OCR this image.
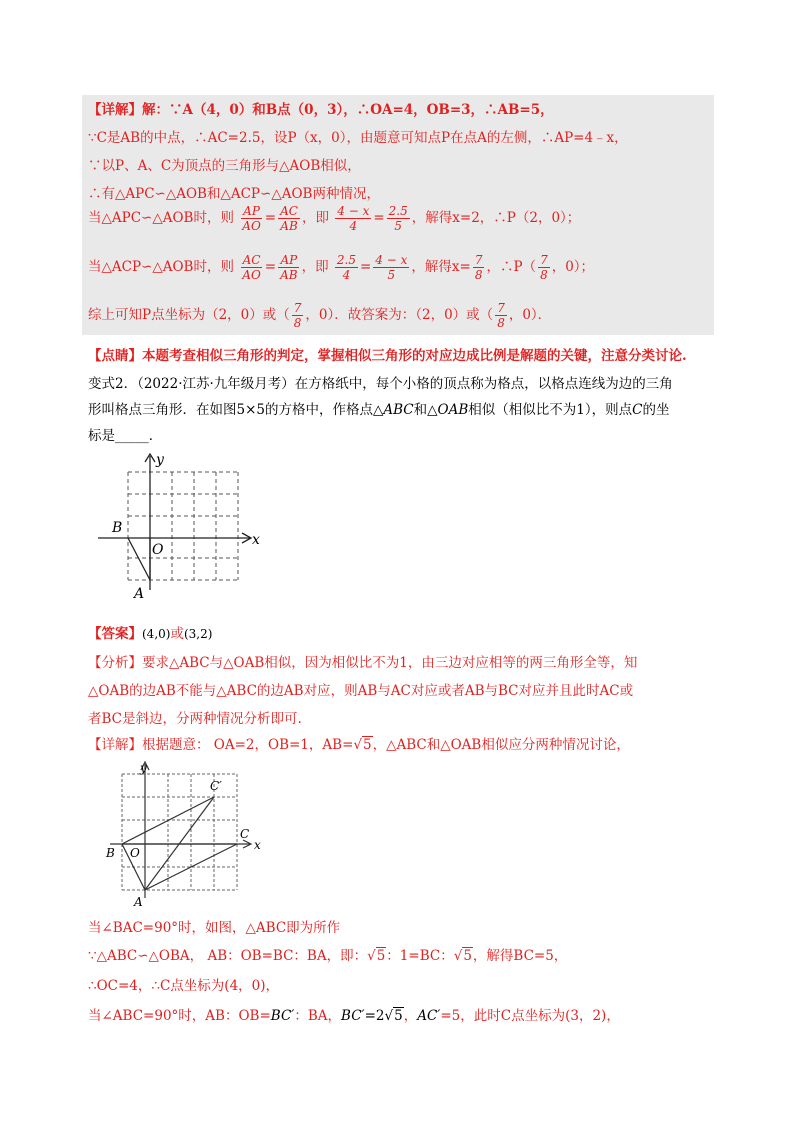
【详解】解：∵A（4，0）和B点（0，3），∴OA=4，OB=3，∴AB=5，
∵C是AB的中点，∴AC=2.5，设P（x，0），由题意可知点P在点A的左侧，∴AP=4﹣x，
∵以P、A、C为顶点的三角形与△AOB相似，
∴有△APC∽△AOB和△ACP∽△AOB两种情况，
当△APC∽△AOB时，则 $\frac{AP}{AO} = \frac{AC}{AB}$ ，即 $\frac{4 - x}{4} = \frac{2.5}{5}$ ，解得x=2，∴P（2，0）；
当△ACP∽△AOB时，则 $\frac{AC}{AO} = \frac{AP}{AB}$ ，即 $\frac{2.5}{4} = \frac{4 - x}{5}$ ，解得$x= \frac{7}{8}$ ，∴P（ $\frac{7}{8}$ ，0）；
综上可知P点坐标为（2，0）或（ $\frac{7}{8}$ ，0）．故答案为：（2，0）或（ $\frac{7}{8}$ ，0）．
【点睛】本题考查相似三角形的判定，掌握相似三角形的对应边成比例是解题的关键，注意分类讨论.
变式2．（2022·江苏·九年级月考）在方格纸中，每个小格的顶点称为格点，以格点连线为边的三角
形叫格点三角形．在如图5×5的方格中，作格点△ABC和△OAB相似（相似比不为1），则点C的坐
标是_____．
y
x
B
O
A
【答案】(4,0)或(3,2)
【分析】要求△ABC与△OAB相似，因为相似比不为1，由三边对应相等的两三角形全等，知
△OAB的边AB不能与△ABC的边AB对应，则AB与AC对应或者AB与BC对应并且此时AC或
者BC是斜边，分两种情况分析即可.
【详解】根据题意： OA=2，OB=1，AB=√5，△ABC和△OAB相似应分两种情况讨论，
y
x
B O
A
C
C′
当∠BAC=90°时，如图，△ABC即为所作
∵△ABC∽△OBA， AB：OB=BC：BA，即：√5：1=BC：√5，解得BC=5，
∴OC=4，∴C点坐标为(4，0)，
当∠ABC=90°时，AB：OB=BC′：BA，BC′=2√5，AC′=5，此时C点坐标为(3，2)，
